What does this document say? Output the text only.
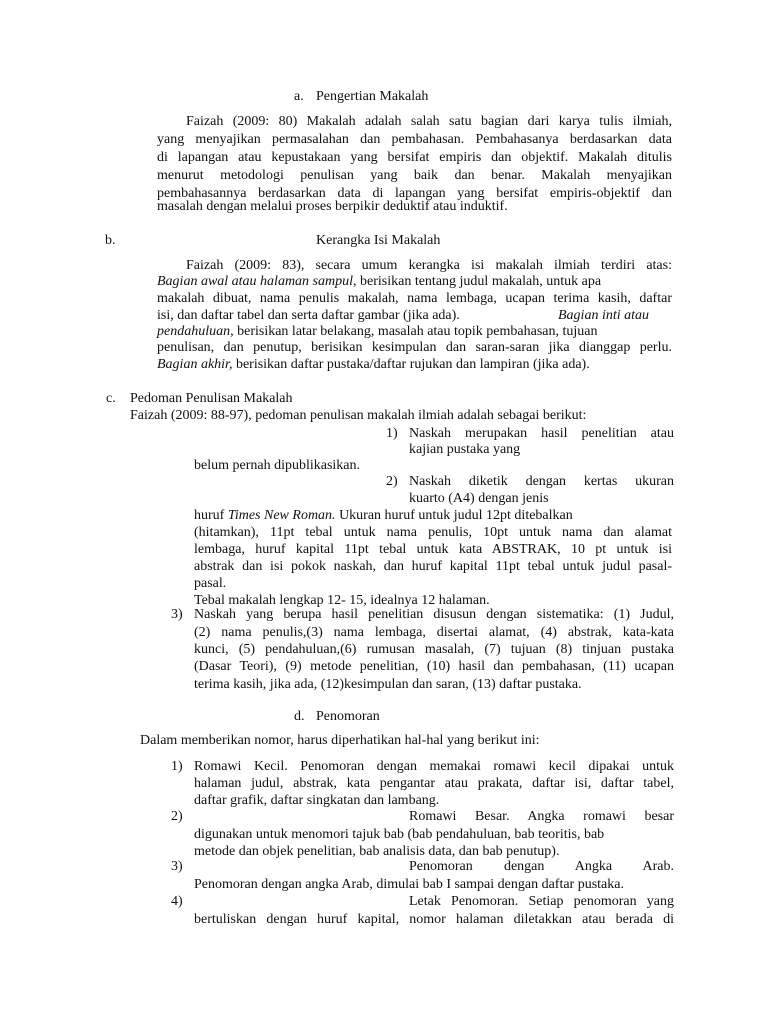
a. Pengertian Makalah
Faizah (2009: 80) Makalah adalah salah satu bagian dari karya tulis ilmiah,
yang menyajikan permasalahan dan pembahasan. Pembahasanya berdasarkan data
di lapangan atau kepustakaan yang bersifat empiris dan objektif. Makalah ditulis
menurut metodologi penulisan yang baik dan benar. Makalah menyajikan
pembahasannya berdasarkan data di lapangan yang bersifat empiris-objektif dan
masalah dengan melalui proses berpikir deduktif atau induktif.
b.	Kerangka Isi Makalah
Faizah (2009: 83), secara umum kerangka isi makalah ilmiah terdiri atas:
Bagian awal atau halaman sampul, berisikan tentang judul makalah, untuk apa
makalah dibuat, nama penulis makalah, nama lembaga, ucapan terima kasih, daftar
isi, dan daftar tabel dan serta daftar gambar (jika ada).	Bagian inti atau
pendahuluan, berisikan latar belakang, masalah atau topik pembahasan, tujuan
penulisan, dan penutup, berisikan kesimpulan dan saran-saran jika dianggap perlu.
Bagian akhir, berisikan daftar pustaka/daftar rujukan dan lampiran (jika ada).
c. Pedoman Penulisan Makalah
Faizah (2009: 88-97), pedoman penulisan makalah ilmiah adalah sebagai berikut:
1) Naskah merupakan hasil penelitian atau
kajian pustaka yang
belum pernah dipublikasikan.
2) Naskah diketik dengan kertas ukuran
kuarto (A4) dengan jenis
huruf Times New Roman. Ukuran huruf untuk judul 12pt ditebalkan
(hitamkan), 11pt tebal untuk nama penulis, 10pt untuk nama dan alamat
lembaga, huruf kapital 11pt tebal untuk kata ABSTRAK, 10 pt untuk isi
abstrak dan isi pokok naskah, dan huruf kapital 11pt tebal untuk judul pasal-
pasal.
Tebal makalah lengkap 12- 15, idealnya 12 halaman.
3) Naskah yang berupa hasil penelitian disusun dengan sistematika: (1) Judul,
(2) nama penulis,(3) nama lembaga, disertai alamat, (4) abstrak, kata-kata
kunci, (5) pendahuluan,(6) rumusan masalah, (7) tujuan (8) tinjuan pustaka
(Dasar Teori), (9) metode penelitian, (10) hasil dan pembahasan, (11) ucapan
terima kasih, jika ada, (12)kesimpulan dan saran, (13) daftar pustaka.
d. Penomoran
Dalam memberikan nomor, harus diperhatikan hal-hal yang berikut ini:
1) Romawi Kecil. Penomoran dengan memakai romawi kecil dipakai untuk
halaman judul, abstrak, kata pengantar atau prakata, daftar isi, daftar tabel,
daftar grafik, daftar singkatan dan lambang.
2)	Romawi Besar. Angka romawi besar
digunakan untuk menomori tajuk bab (bab pendahuluan, bab teoritis, bab
metode dan objek penelitian, bab analisis data, dan bab penutup).
3)	Penomoran dengan Angka Arab.
Penomoran dengan angka Arab, dimulai bab I sampai dengan daftar pustaka.
4)	Letak Penomoran. Setiap penomoran yang
bertuliskan dengan huruf kapital, nomor halaman diletakkan atau berada di
